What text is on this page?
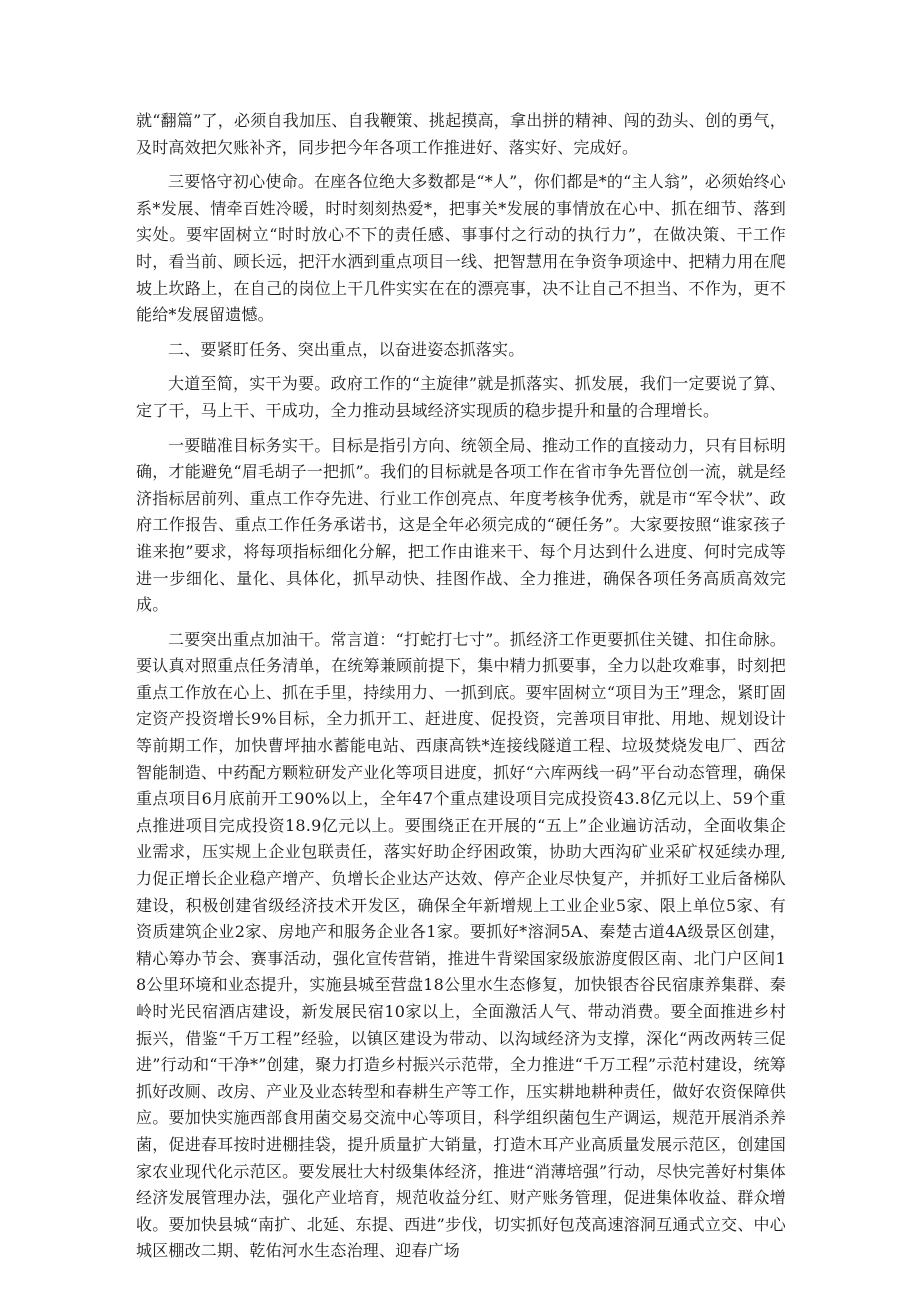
就“翻篇”了，必须自我加压、自我鞭策、挑起摸高，拿出拼的精神、闯的劲头、创的勇气，及时高效把欠账补齐，同步把今年各项工作推进好、落实好、完成好。

三要恪守初心使命。在座各位绝大多数都是“*人”，你们都是*的“主人翁”，必须始终心系*发展、情牵百姓冷暖，时时刻刻热爱*，把事关*发展的事情放在心中、抓在细节、落到实处。要牢固树立“时时放心不下的责任感、事事付之行动的执行力”，在做决策、干工作时，看当前、顾长远，把汗水洒到重点项目一线、把智慧用在争资争项途中、把精力用在爬坡上坎路上，在自己的岗位上干几件实实在在的漂亮事，决不让自己不担当、不作为，更不能给*发展留遗憾。

二、要紧盯任务、突出重点，以奋进姿态抓落实。

大道至简，实干为要。政府工作的“主旋律”就是抓落实、抓发展，我们一定要说了算、定了干，马上干、干成功，全力推动县域经济实现质的稳步提升和量的合理增长。

一要瞄准目标务实干。目标是指引方向、统领全局、推动工作的直接动力，只有目标明确，才能避免“眉毛胡子一把抓”。我们的目标就是各项工作在省市争先晋位创一流，就是经济指标居前列、重点工作夺先进、行业工作创亮点、年度考核争优秀，就是市“军令状”、政府工作报告、重点工作任务承诺书，这是全年必须完成的“硬任务”。大家要按照“谁家孩子谁来抱”要求，将每项指标细化分解，把工作由谁来干、每个月达到什么进度、何时完成等进一步细化、量化、具体化，抓早动快、挂图作战、全力推进，确保各项任务高质高效完成。

二要突出重点加油干。常言道：“打蛇打七寸”。抓经济工作更要抓住关键、扣住命脉。要认真对照重点任务清单，在统筹兼顾前提下，集中精力抓要事，全力以赴攻难事，时刻把重点工作放在心上、抓在手里，持续用力、一抓到底。要牢固树立“项目为王”理念，紧盯固定资产投资增长9%目标，全力抓开工、赶进度、促投资，完善项目审批、用地、规划设计等前期工作，加快曹坪抽水蓄能电站、西康高铁*连接线隧道工程、垃圾焚烧发电厂、西岔智能制造、中药配方颗粒研发产业化等项目进度，抓好“六库两线一码”平台动态管理，确保重点项目6月底前开工90%以上，全年47个重点建设项目完成投资43.8亿元以上、59个重点推进项目完成投资18.9亿元以上。要围绕正在开展的“五上”企业遍访活动，全面收集企业需求，压实规上企业包联责任，落实好助企纾困政策，协助大西沟矿业采矿权延续办理,力促正增长企业稳产增产、负增长企业达产达效、停产企业尽快复产，并抓好工业后备梯队建设，积极创建省级经济技术开发区，确保全年新增规上工业企业5家、限上单位5家、有资质建筑企业2家、房地产和服务企业各1家。要抓好*溶洞5A、秦楚古道4A级景区创建，精心筹办节会、赛事活动，强化宣传营销，推进牛背梁国家级旅游度假区南、北门户区间18公里环境和业态提升，实施县城至营盘18公里水生态修复，加快银杏谷民宿康养集群、秦岭时光民宿酒店建设，新发展民宿10家以上，全面激活人气、带动消费。要全面推进乡村振兴，借鉴“千万工程”经验，以镇区建设为带动、以沟域经济为支撑，深化“两改两转三促进”行动和“干净*”创建，聚力打造乡村振兴示范带，全力推进“千万工程”示范村建设，统筹抓好改厕、改房、产业及业态转型和春耕生产等工作，压实耕地耕种责任，做好农资保障供应。要加快实施西部食用菌交易交流中心等项目，科学组织菌包生产调运，规范开展消杀养菌，促进春耳按时进棚挂袋，提升质量扩大销量，打造木耳产业高质量发展示范区，创建国家农业现代化示范区。要发展壮大村级集体经济，推进“消薄培强”行动，尽快完善好村集体经济发展管理办法，强化产业培育，规范收益分红、财产账务管理，促进集体收益、群众增收。要加快县城“南扩、北延、东提、西进”步伐，切实抓好包茂高速溶洞互通式立交、中心城区棚改二期、乾佑河水生态治理、迎春广场
